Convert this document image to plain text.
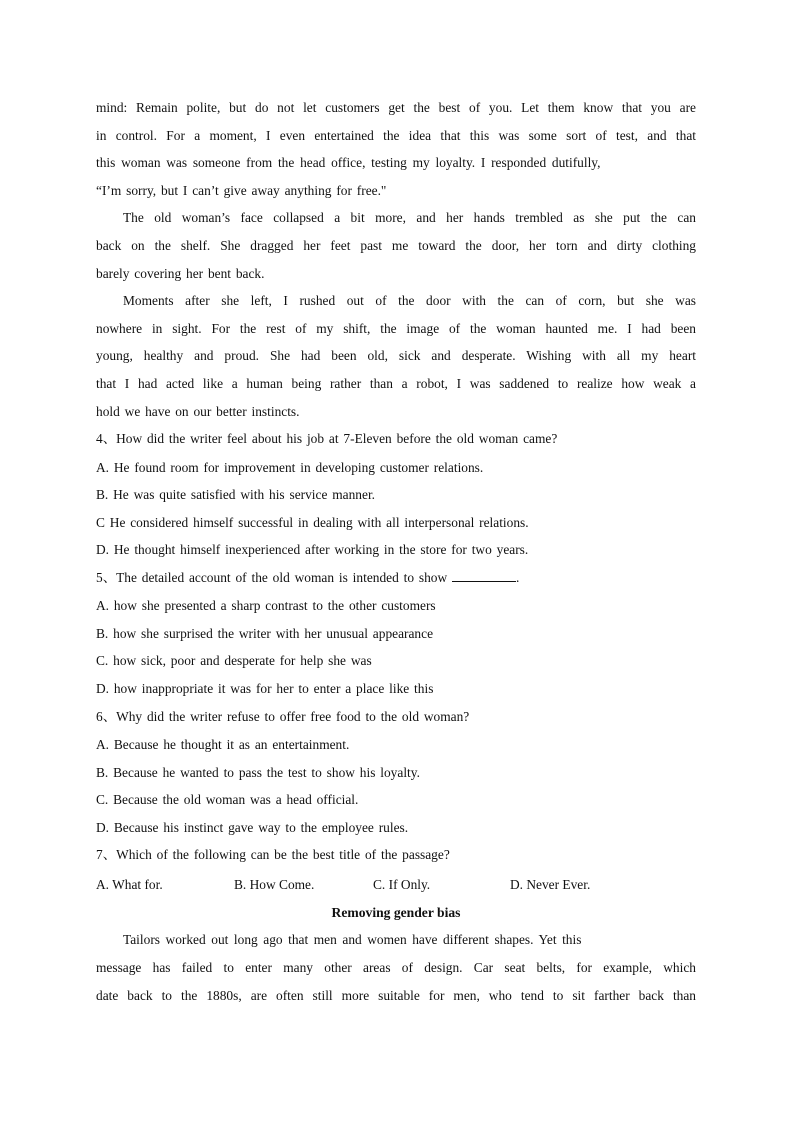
mind: Remain polite, but do not let customers get the best of you. Let them know that you are
in control. For a moment, I even entertained the idea that this was some sort of test, and that
this woman was someone from the head office, testing my loyalty. I responded dutifully,
“I’m sorry, but I can’t give away anything for free."
The old woman’s face collapsed a bit more, and her hands trembled as she put the can
back on the shelf. She dragged her feet past me toward the door, her torn and dirty clothing
barely covering her bent back.
Moments after she left, I rushed out of the door with the can of corn, but she was
nowhere in sight. For the rest of my shift, the image of the woman haunted me. I had been
young, healthy and proud. She had been old, sick and desperate. Wishing with all my heart
that I had acted like a human being rather than a robot, I was saddened to realize how weak a
hold we have on our better instincts.
4、How did the writer feel about his job at 7-Eleven before the old woman came?
A. He found room for improvement in developing customer relations.
B. He was quite satisfied with his service manner.
C He considered himself successful in dealing with all interpersonal relations.
D. He thought himself inexperienced after working in the store for two years.
5、The detailed account of the old woman is intended to show	.
A. how she presented a sharp contrast to the other customers
B. how she surprised the writer with her unusual appearance
C. how sick, poor and desperate for help she was
D. how inappropriate it was for her to enter a place like this
6、Why did the writer refuse to offer free food to the old woman?
A. Because he thought it as an entertainment.
B. Because he wanted to pass the test to show his loyalty.
C. Because the old woman was a head official.
D. Because his instinct gave way to the employee rules.
7、Which of the following can be the best title of the passage?
A. What for.	B. How Come.	C. If Only.	D. Never Ever.
Removing gender bias
Tailors worked out long ago that men and women have different shapes. Yet this
message has failed to enter many other areas of design. Car seat belts, for example, which
date back to the 1880s, are often still more suitable for men, who tend to sit farther back than
